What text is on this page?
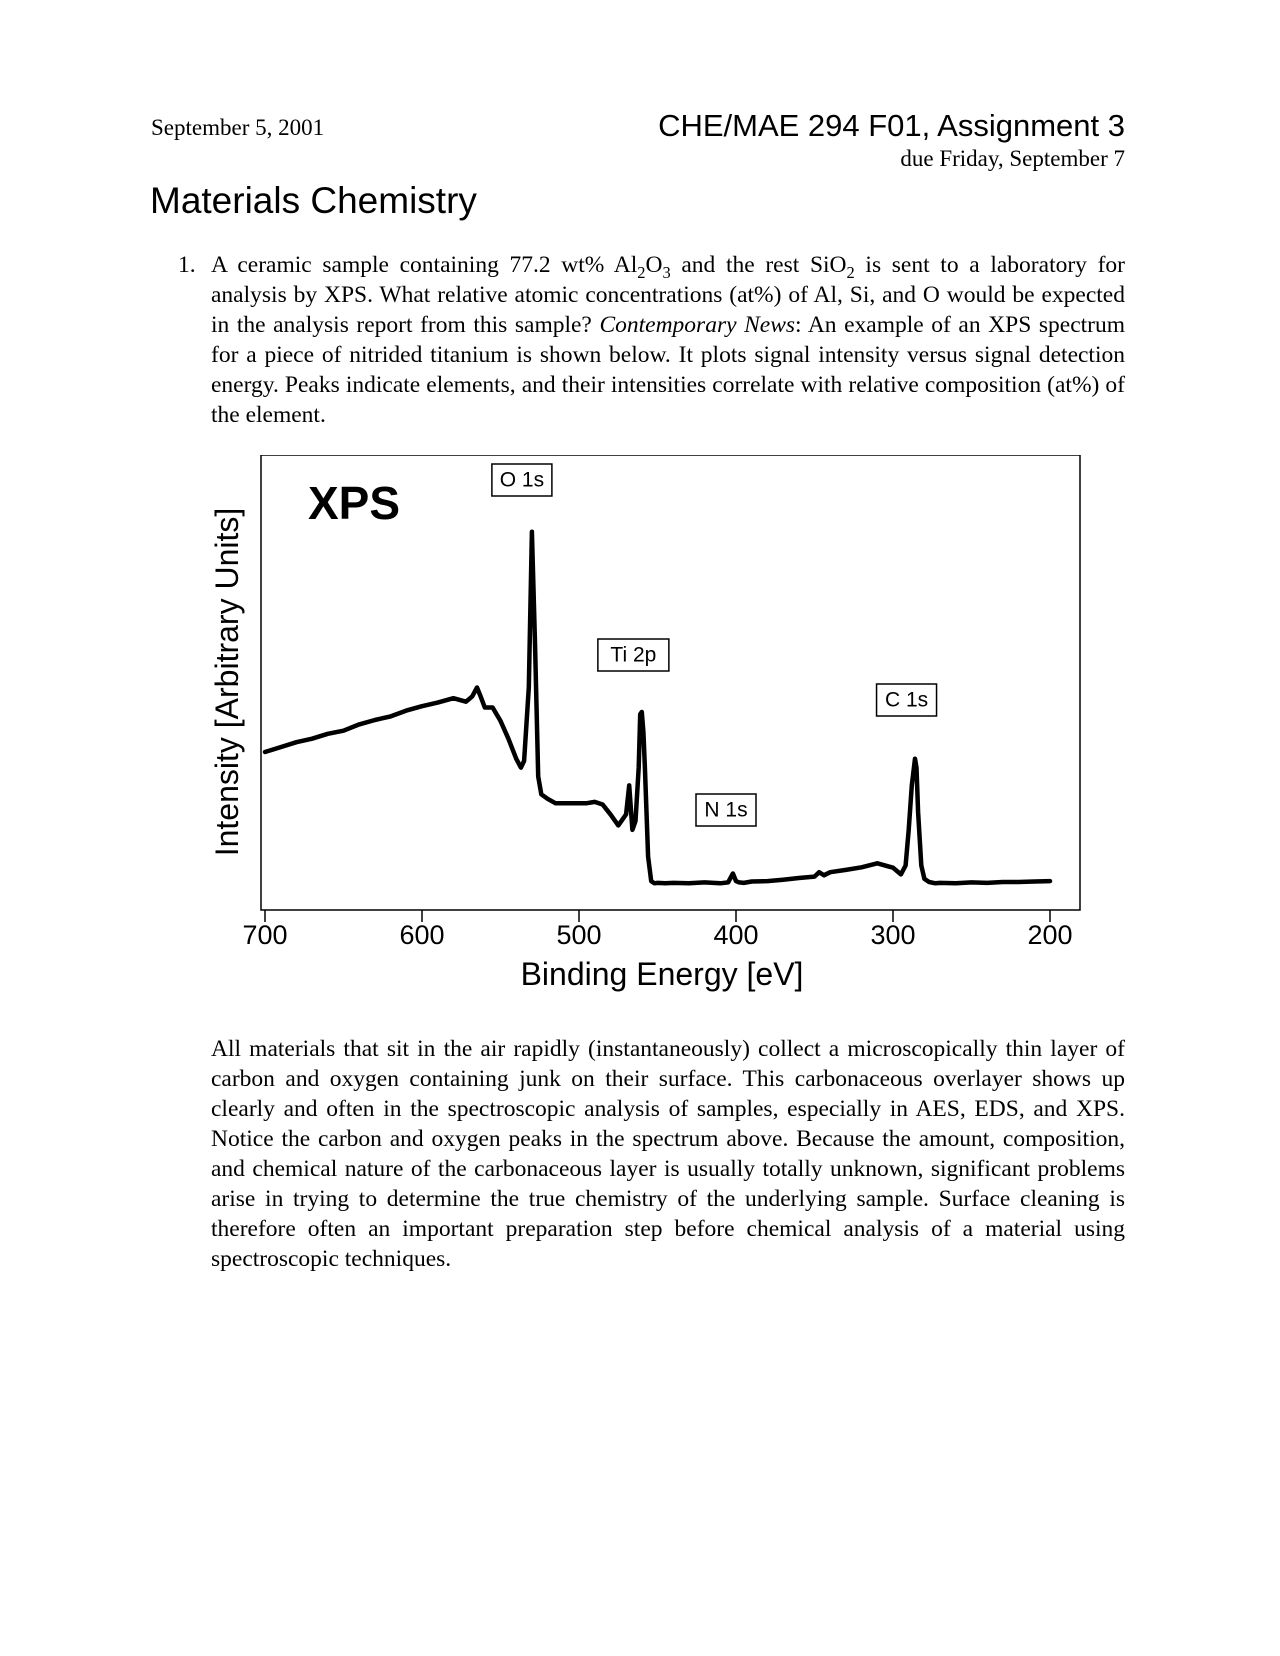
September 5, 2001	CHE/MAE 294 F01, Assignment 3
due Friday, September 7
Materials Chemistry
1. A ceramic sample containing 77.2 wt% $Al_2O_3$ and the rest SiO$_2$ is sent to a laboratory for analysis by XPS. What relative atomic concentrations (at%) of Al, Si, and O would be expected in the analysis report from this sample? Contemporary News: An example of an XPS spectrum for a piece of nitrided titanium is shown below. It plots signal intensity versus signal detection energy. Peaks indicate elements, and their intensities correlate with relative composition (at%) of the element.

700	600	500	400	300	200
O 1s
Ti 2p
N 1s
C 1s
XPS
Binding Energy [eV]
Intensity [Arbitrary Units]

All materials that sit in the air rapidly (instantaneously) collect a microscopically thin layer of carbon and oxygen containing junk on their surface. This carbonaceous overlayer shows up clearly and often in the spectroscopic analysis of samples, especially in AES, EDS, and XPS. Notice the carbon and oxygen peaks in the spectrum above. Because the amount, composition, and chemical nature of the carbonaceous layer is usually totally unknown, significant problems arise in trying to determine the true chemistry of the underlying sample. Surface cleaning is therefore often an important preparation step before chemical analysis of a material using spectroscopic techniques.
